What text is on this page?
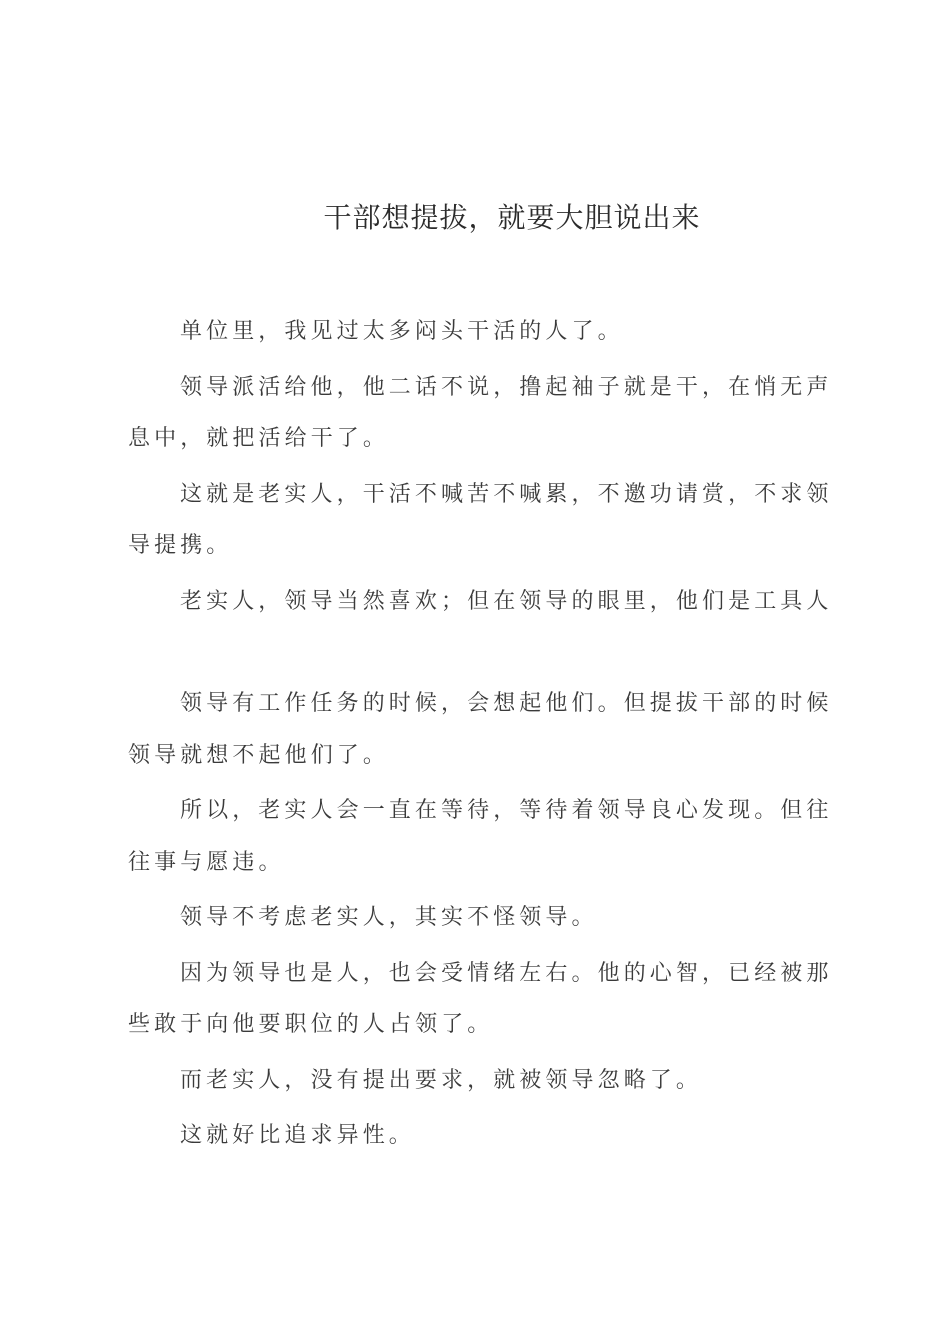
干部想提拔，就要大胆说出来

单位里，我见过太多闷头干活的人了。

领导派活给他，他二话不说，撸起袖子就是干，在悄无声息中，就把活给干了。

这就是老实人，干活不喊苦不喊累，不邀功请赏，不求领导提携。

老实人，领导当然喜欢；但在领导的眼里，他们是工具人

领导有工作任务的时候，会想起他们。但提拔干部的时候领导就想不起他们了。

所以，老实人会一直在等待，等待着领导良心发现。但往往事与愿违。

领导不考虑老实人，其实不怪领导。

因为领导也是人，也会受情绪左右。他的心智，已经被那些敢于向他要职位的人占领了。

而老实人，没有提出要求，就被领导忽略了。

这就好比追求异性。
